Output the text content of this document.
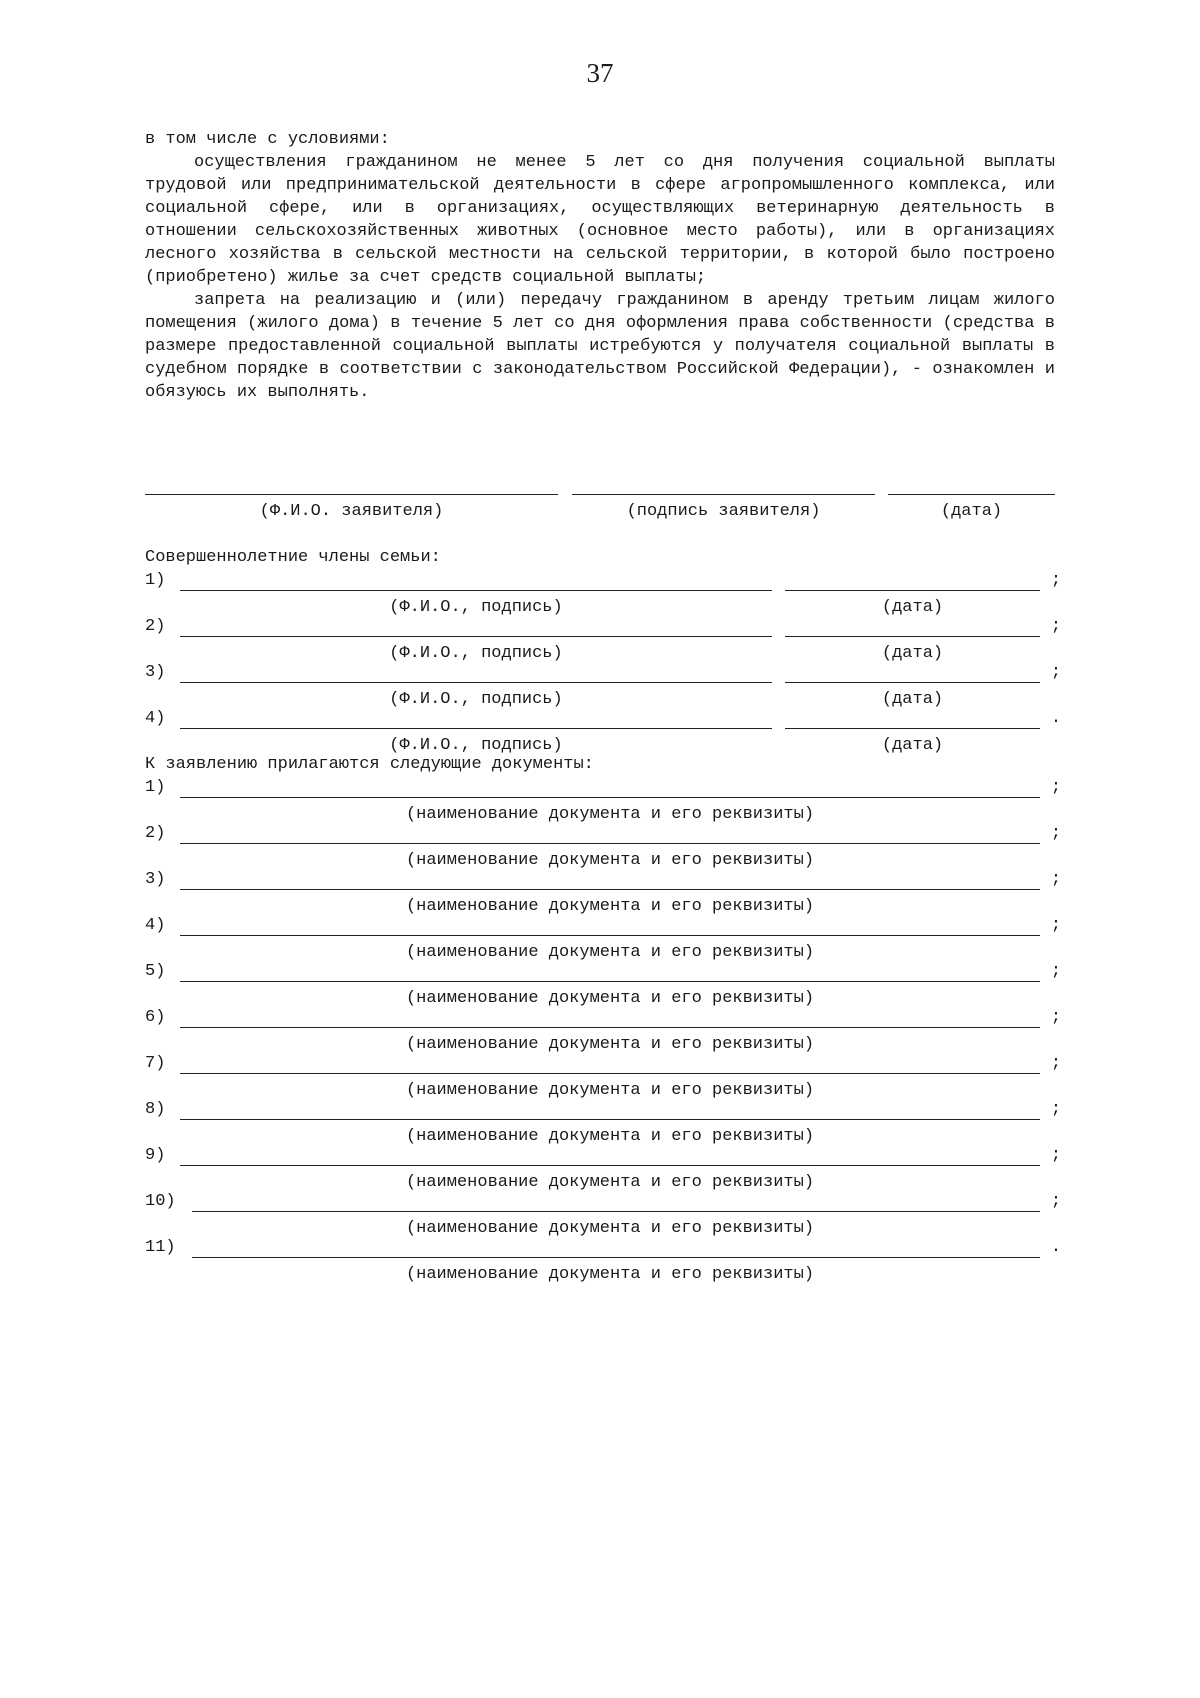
37

в том числе с условиями:

осуществления гражданином не менее 5 лет со дня получения социальной выплаты трудовой или предпринимательской деятельности в сфере агропромышленного комплекса, или социальной сфере, или в организациях, осуществляющих ветеринарную деятельность в отношении сельскохозяйственных животных (основное место работы), или в организациях лесного хозяйства в сельской местности на сельской территории, в которой было построено (приобретено) жилье за счет средств социальной выплаты;

запрета на реализацию и (или) передачу гражданином в аренду третьим лицам жилого помещения (жилого дома) в течение 5 лет со дня оформления права собственности (средства в размере предоставленной социальной выплаты истребуются у получателя социальной выплаты в судебном порядке в соответствии с законодательством Российской Федерации), - ознакомлен и обязуюсь их выполнять.

(Ф.И.О. заявителя)	(подпись заявителя)	(дата)
Совершеннолетние члены семьи:
1)	;
(Ф.И.О., подпись)	(дата)
2)	;
(Ф.И.О., подпись)	(дата)
3)	;
(Ф.И.О., подпись)	(дата)
4)	.
(Ф.И.О., подпись)	(дата)
К заявлению прилагаются следующие документы:
1)	;
(наименование документа и его реквизиты)
2)	;
(наименование документа и его реквизиты)
3)	;
(наименование документа и его реквизиты)
4)	;
(наименование документа и его реквизиты)
5)	;
(наименование документа и его реквизиты)
6)	;
(наименование документа и его реквизиты)
7)	;
(наименование документа и его реквизиты)
8)	;
(наименование документа и его реквизиты)
9)	;
(наименование документа и его реквизиты)
10)	;
(наименование документа и его реквизиты)
11)	.
(наименование документа и его реквизиты)
